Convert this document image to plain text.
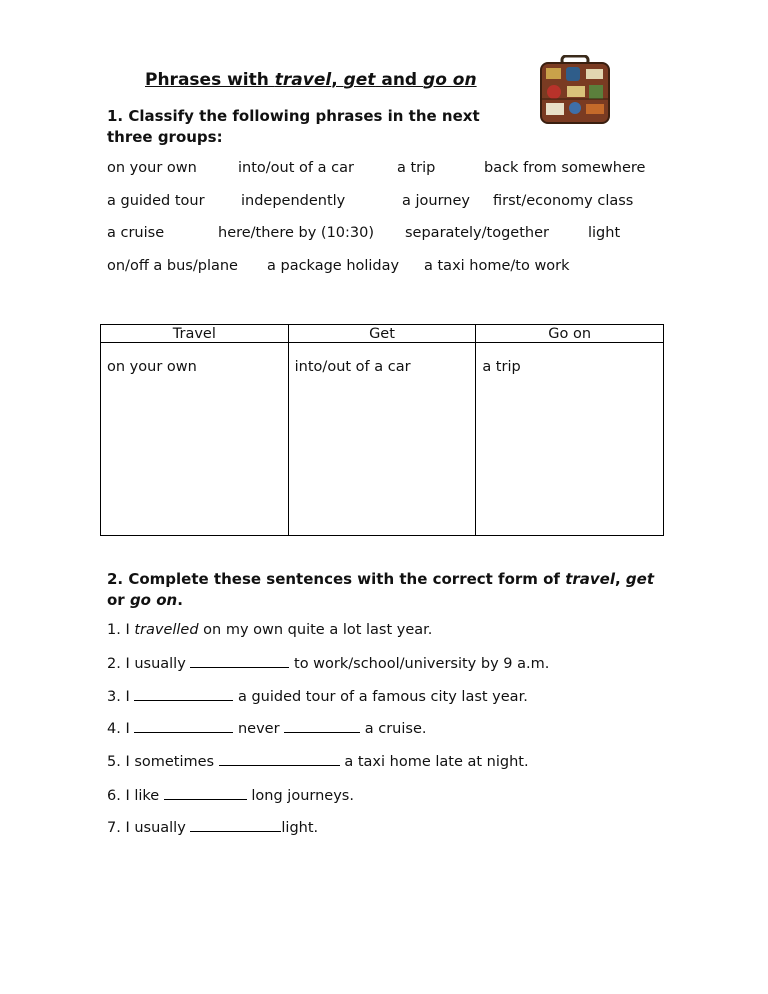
Phrases with travel, get and go on
1. Classify the following phrases in the next
three groups:
on your own	into/out of a car	a trip	back from somewhere
a guided tour	independently	a journey first/economy class
a cruise	here/there by (10:30) separately/together	light
on/off a bus/plane a package holiday a taxi home/to work
Travel	Get	Go on
on your own	into/out of a car	a trip
2. Complete these sentences with the correct form of travel, get
or go on.
1. I travelled on my own quite a lot last year.
2. I usually	to work/school/university by 9 a.m.
3. I	a guided tour of a famous city last year.
4. I	never	a cruise.
5. I sometimes	a taxi home late at night.
6. I like	long journeys.
7. I usually	light.
